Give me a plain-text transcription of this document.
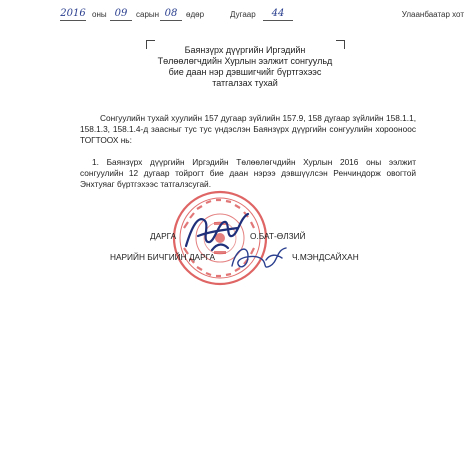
2016 оны 09	сарын 08	өдөр	Дугаар	44	Улаанбаатар хот
Баянзүрх дүүргийн Иргэдийн
Төлөөлөгчдийн Хурлын ээлжит сонгуульд
бие даан нэр дэвшигчийг бүртгэхээс
татгалзах тухай
Сонгуулийн тухай хуулийн 157 дугаар зүйлийн 157.9, 158 дугаар зүйлийн 158.1.1, 158.1.3, 158.1.4-д заасныг тус тус үндэслэн Баянзүрх дүүргийн сонгуулийн хорооноос ТОГТООХ нь:
1. Баянзүрх дүүргийн Иргэдийн Төлөөлөгчдийн Хурлын 2016 оны ээлжит сонгуулийн 12 дугаар тойрогт бие даан нэрээ дэвшүүлсэн Ренчиндорж овогтой Энхтуяаг бүртгэхээс татгалзсугай.
ДАРГА	О.БАТ-ӨЛЗИЙ
НАРИЙН БИЧГИЙН ДАРГА	Ч.МЭНДСАЙХАН
